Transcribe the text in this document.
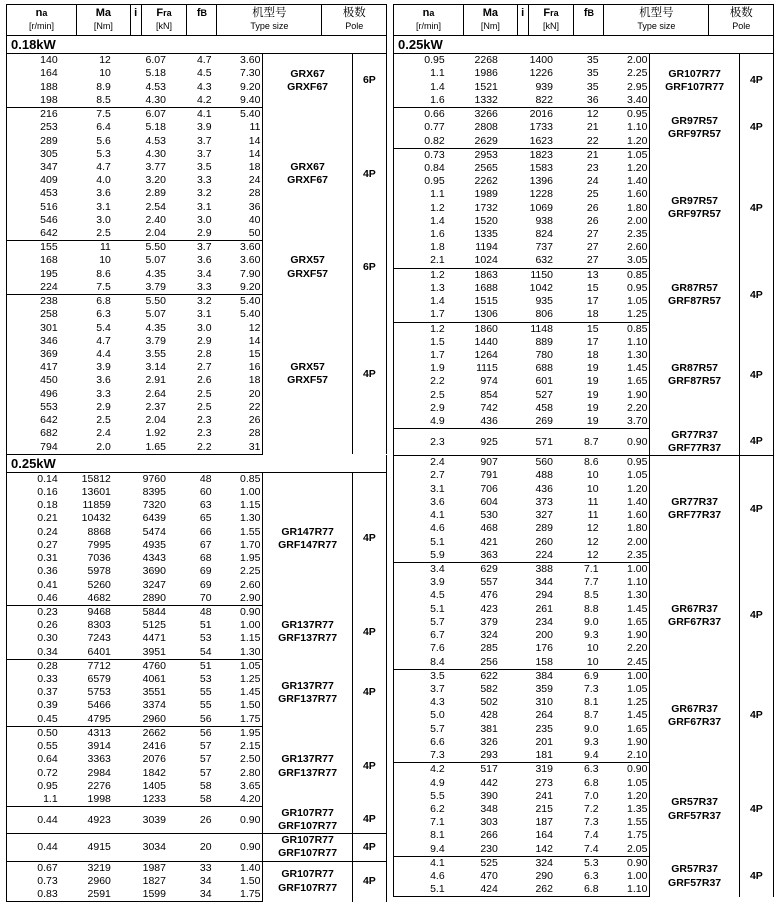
na
[r/min]	Ma
[Nm]	i	Fra
[kN]	fB	机型号
Type size	极数
Pole
0.18kW
140	12	6.07	4.7	3.60	GRX67
GRXF67	6P
164	10	5.18	4.5	7.30
188	8.9	4.53	4.3	9.20
198	8.5	4.30	4.2	9.40
216	7.5	6.07	4.1	5.40	GRX67
GRXF67	4P
253	6.4	5.18	3.9	11
289	5.6	4.53	3.7	14
305	5.3	4.30	3.7	14
347	4.7	3.77	3.5	18
409	4.0	3.20	3.3	24
453	3.6	2.89	3.2	28
516	3.1	2.54	3.1	36
546	3.0	2.40	3.0	40
642	2.5	2.04	2.9	50
155	11	5.50	3.7	3.60	GRX57
GRXF57	6P
168	10	5.07	3.6	3.60
195	8.6	4.35	3.4	7.90
224	7.5	3.79	3.3	9.20
238	6.8	5.50	3.2	5.40	GRX57
GRXF57	4P
258	6.3	5.07	3.1	5.40
301	5.4	4.35	3.0	12
346	4.7	3.79	2.9	14
369	4.4	3.55	2.8	15
417	3.9	3.14	2.7	16
450	3.6	2.91	2.6	18
496	3.3	2.64	2.5	20
553	2.9	2.37	2.5	22
642	2.5	2.04	2.3	26
682	2.4	1.92	2.3	28
794	2.0	1.65	2.2	31
0.25kW
0.14	15812	9760	48	0.85	GR147R77
GRF147R77	4P
0.16	13601	8395	60	1.00
0.18	11859	7320	63	1.15
0.21	10432	6439	65	1.30
0.24	8868	5474	66	1.55
0.27	7995	4935	67	1.70
0.31	7036	4343	68	1.95
0.36	5978	3690	69	2.25
0.41	5260	3247	69	2.60
0.46	4682	2890	70	2.90
0.23	9468	5844	48	0.90	GR137R77
GRF137R77	4P
0.26	8303	5125	51	1.00
0.30	7243	4471	53	1.15
0.34	6401	3951	54	1.30
0.28	7712	4760	51	1.05	GR137R77
GRF137R77	4P
0.33	6579	4061	53	1.25
0.37	5753	3551	55	1.45
0.39	5466	3374	55	1.50
0.45	4795	2960	56	1.75
0.50	4313	2662	56	1.95	GR137R77
GRF137R77	4P
0.55	3914	2416	57	2.15
0.64	3363	2076	57	2.50
0.72	2984	1842	57	2.80
0.95	2276	1405	58	3.65
1.1	1998	1233	58	4.20
0.44	4923	3039	26	0.90	GR107R77
GRF107R77	4P
0.44	4915	3034	20	0.90	GR107R77
GRF107R77	4P
0.67	3219	1987	33	1.40	GR107R77
GRF107R77	4P
0.73	2960	1827	34	1.50
0.83	2591	1599	34	1.75

na
[r/min]	Ma
[Nm]	i	Fra
[kN]	fB	机型号
Type size	极数
Pole
0.25kW
0.95	2268	1400	35	2.00	GR107R77
GRF107R77	4P
1.1	1986	1226	35	2.25
1.4	1521	939	35	2.95
1.6	1332	822	36	3.40
0.66	3266	2016	12	0.95	GR97R57
GRF97R57	4P
0.77	2808	1733	21	1.10
0.82	2629	1623	22	1.20
0.73	2953	1823	21	1.05	GR97R57
GRF97R57	4P
0.84	2565	1583	23	1.20
0.95	2262	1396	24	1.40
1.1	1989	1228	25	1.60
1.2	1732	1069	26	1.80
1.4	1520	938	26	2.00
1.6	1335	824	27	2.35
1.8	1194	737	27	2.60
2.1	1024	632	27	3.05
1.2	1863	1150	13	0.85	GR87R57
GRF87R57	4P
1.3	1688	1042	15	0.95
1.4	1515	935	17	1.05
1.7	1306	806	18	1.25
1.2	1860	1148	15	0.85	GR87R57
GRF87R57	4P
1.5	1440	889	17	1.10
1.7	1264	780	18	1.30
1.9	1115	688	19	1.45
2.2	974	601	19	1.65
2.5	854	527	19	1.90
2.9	742	458	19	2.20
4.9	436	269	19	3.70
2.3	925	571	8.7	0.90	GR77R37
GRF77R37	4P
2.4	907	560	8.6	0.95	GR77R37
GRF77R37	4P
2.7	791	488	10	1.05
3.1	706	436	10	1.20
3.6	604	373	11	1.40
4.1	530	327	11	1.60
4.6	468	289	12	1.80
5.1	421	260	12	2.00
5.9	363	224	12	2.35
3.4	629	388	7.1	1.00	GR67R37
GRF67R37	4P
3.9	557	344	7.7	1.10
4.5	476	294	8.5	1.30
5.1	423	261	8.8	1.45
5.7	379	234	9.0	1.65
6.7	324	200	9.3	1.90
7.6	285	176	10	2.20
8.4	256	158	10	2.45
3.5	622	384	6.9	1.00	GR67R37
GRF67R37	4P
3.7	582	359	7.3	1.05
4.3	502	310	8.1	1.25
5.0	428	264	8.7	1.45
5.7	381	235	9.0	1.65
6.6	326	201	9.3	1.90
7.3	293	181	9.4	2.10
4.2	517	319	6.3	0.90	GR57R37
GRF57R37	4P
4.9	442	273	6.8	1.05
5.5	390	241	7.0	1.20
6.2	348	215	7.2	1.35
7.1	303	187	7.3	1.55
8.1	266	164	7.4	1.75
9.4	230	142	7.4	2.05
4.1	525	324	5.3	0.90	GR57R37
GRF57R37	4P
4.6	470	290	6.3	1.00
5.1	424	262	6.8	1.10
